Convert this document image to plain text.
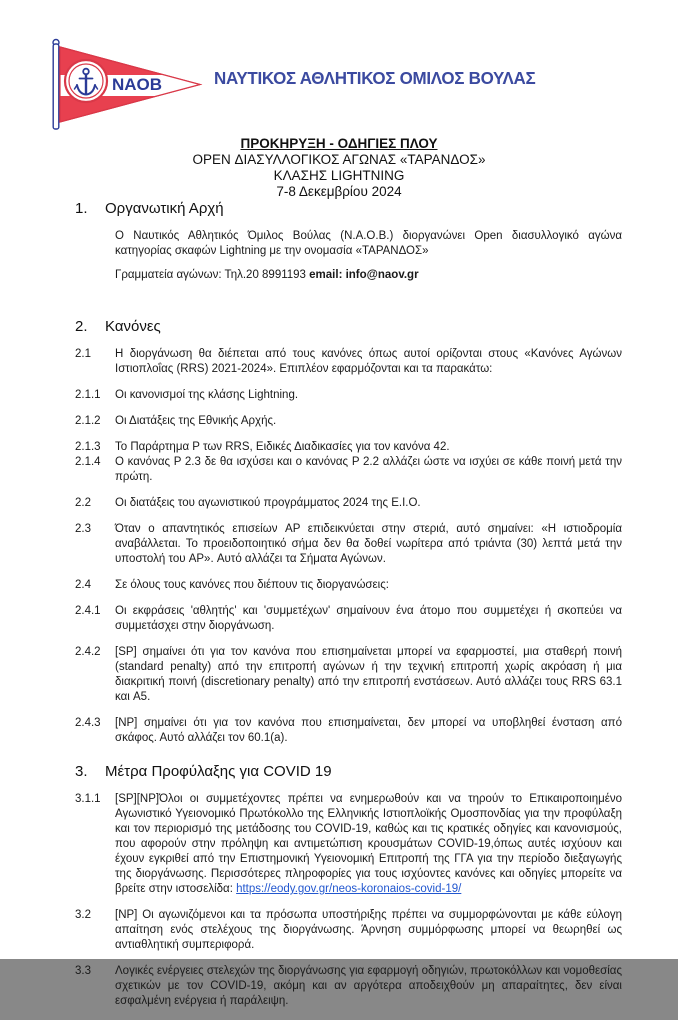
NAOB	ΝΑΥΤΙΚΟΣ ΑΘΛΗΤΙΚΟΣ ΟΜΙΛΟΣ ΒΟΥΛΑΣ
ΠΡΟΚΗΡΥΞΗ - ΟΔΗΓΙΕΣ ΠΛΟΥ
OPEN ΔΙΑΣΥΛΛΟΓΙΚΟΣ ΑΓΩΝΑΣ «ΤΑΡΑΝΔΟΣ»
ΚΛΑΣΗΣ LIGHTNING
7-8 Δεκεμβρίου 2024
1.	Οργανωτική Αρχή
Ο Ναυτικός Αθλητικός Όμιλος Βούλας (Ν.Α.Ο.Β.) διοργανώνει Open διασυλλογικό αγώνα κατηγορίας σκαφών Lightning με την ονομασία «ΤΑΡΑΝΔΟΣ»
Γραμματεία αγώνων: Τηλ.20 8991193 email: info@naov.gr
2.	Κανόνες
2.1	Η διοργάνωση θα διέπεται από τους κανόνες όπως αυτοί ορίζονται στους «Κανόνες Αγώνων Ιστιοπλοΐας (RRS) 2021-2024». Επιπλέον εφαρμόζονται και τα παρακάτω:
2.1.1	Οι κανονισμοί της κλάσης Lightning.
2.1.2	Οι Διατάξεις της Εθνικής Αρχής.
2.1.3	Το Παράρτημα P των RRS, Ειδικές Διαδικασίες για τον κανόνα 42.
2.1.4	Ο κανόνας P 2.3 δε θα ισχύσει και ο κανόνας P 2.2 αλλάζει ώστε να ισχύει σε κάθε ποινή μετά την πρώτη.
2.2	Οι διατάξεις του αγωνιστικού προγράμματος 2024 της Ε.Ι.Ο.
2.3	Όταν ο απαντητικός επισείων AP επιδεικνύεται στην στεριά, αυτό σημαίνει: «Η ιστιοδρομία αναβάλλεται. Το προειδοποιητικό σήμα δεν θα δοθεί νωρίτερα από τριάντα (30) λεπτά μετά την υποστολή του AP». Αυτό αλλάζει τα Σήματα Αγώνων.
2.4	Σε όλους τους κανόνες που διέπουν τις διοργανώσεις:
2.4.1	Οι εκφράσεις 'αθλητής' και 'συμμετέχων' σημαίνουν ένα άτομο που συμμετέχει ή σκοπεύει να συμμετάσχει στην διοργάνωση.
2.4.2	[SP] σημαίνει ότι για τον κανόνα που επισημαίνεται μπορεί να εφαρμοστεί, μια σταθερή ποινή (standard penalty) από την επιτροπή αγώνων ή την τεχνική επιτροπή χωρίς ακρόαση ή μια διακριτική ποινή (discretionary penalty) από την επιτροπή ενστάσεων. Αυτό αλλάζει τους RRS 63.1 και A5.
2.4.3	[NP] σημαίνει ότι για τον κανόνα που επισημαίνεται, δεν μπορεί να υποβληθεί ένσταση από σκάφος. Αυτό αλλάζει τον 60.1(a).
3.	Μέτρα Προφύλαξης για COVID 19
3.1.1	[SP][NP]Όλοι οι συμμετέχοντες πρέπει να ενημερωθούν και να τηρούν το Επικαιροποιημένο Αγωνιστικό Υγειονομικό Πρωτόκολλο της Ελληνικής Ιστιοπλοϊκής Ομοσπονδίας για την προφύλαξη και τον περιορισμό της μετάδοσης του COVID-19, καθώς και τις κρατικές οδηγίες και κανονισμούς, που αφορούν στην πρόληψη και αντιμετώπιση κρουσμάτων COVID-19,όπως αυτές ισχύουν και έχουν εγκριθεί από την Επιστημονική Υγειονομική Επιτροπή της ΓΓΑ για την περίοδο διεξαγωγής της διοργάνωσης. Περισσότερες πληροφορίες για τους ισχύοντες κανόνες και οδηγίες μπορείτε να βρείτε στην ιστοσελίδα: https://eody.gov.gr/neos-koronaios-covid-19/
3.2	[NP] Οι αγωνιζόμενοι και τα πρόσωπα υποστήριξης πρέπει να συμμορφώνονται με κάθε εύλογη απαίτηση ενός στελέχους της διοργάνωσης. Άρνηση συμμόρφωσης μπορεί να θεωρηθεί ως αντιαθλητική συμπεριφορά.
3.3	Λογικές ενέργειες στελεχών της διοργάνωσης για εφαρμογή οδηγιών, πρωτοκόλλων και νομοθεσίας σχετικών με τον COVID-19, ακόμη και αν αργότερα αποδειχθούν μη απαραίτητες, δεν είναι εσφαλμένη ενέργεια ή παράλειψη.
